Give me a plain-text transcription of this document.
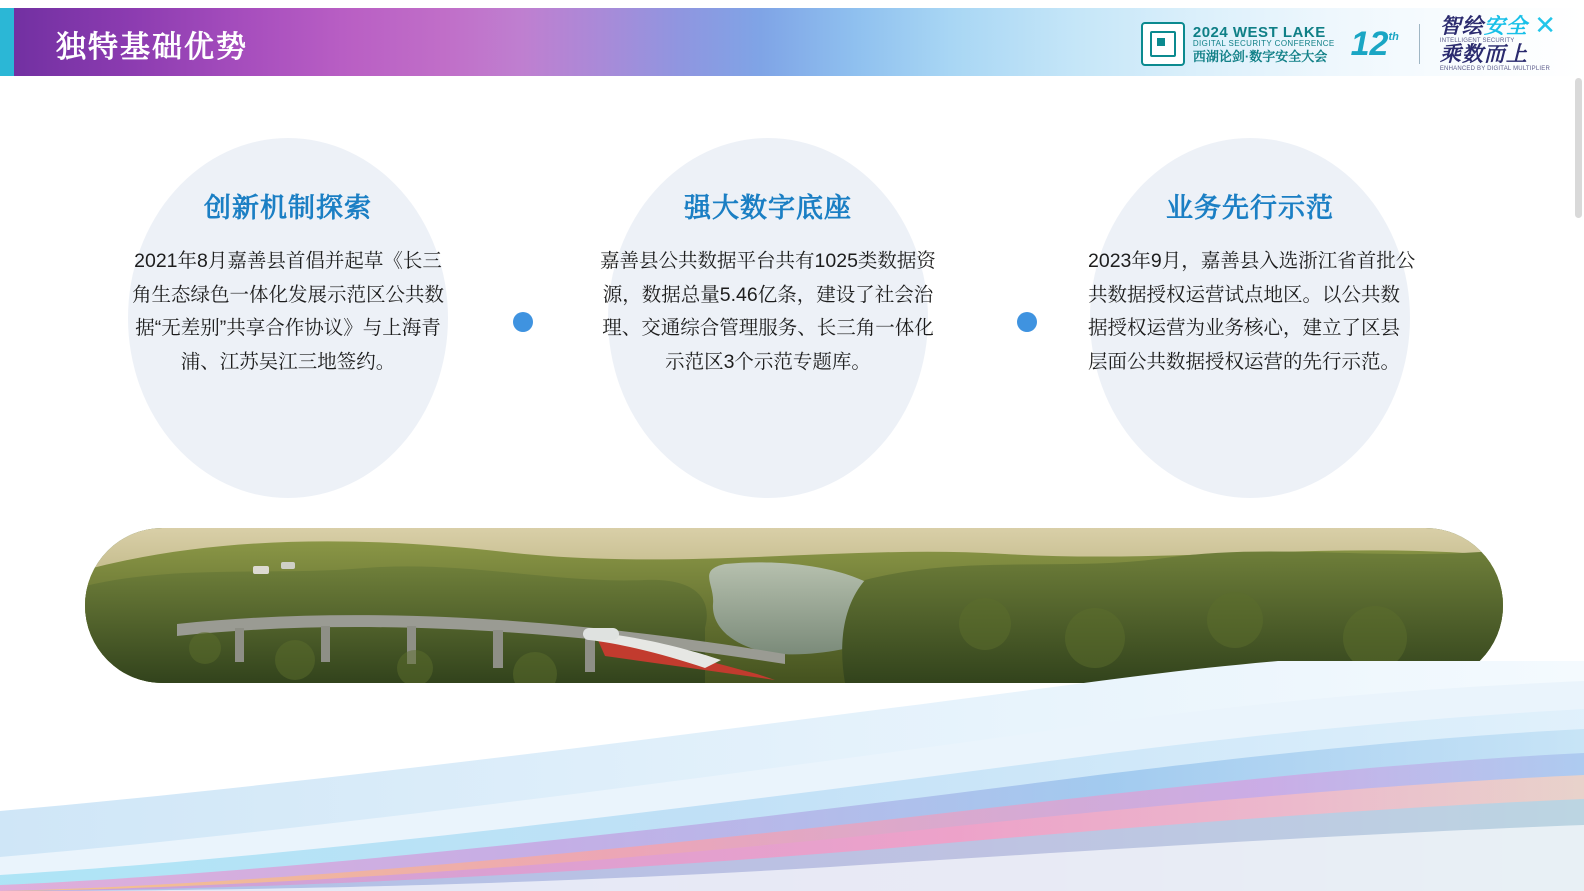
独特基础优势	2024 WEST LAKE
DIGITAL SECURITY CONFERENCE
西湖论剑·数字安全大会 12 th 智绘安全
INTELLIGENT SECURITY
乘数而上
ENHANCED BY DIGITAL MULTIPLIER
✕
创新机制探索
2021年8月嘉善县首倡并起草《长三角生态绿色一体化发展示范区公共数据“无差别”共享合作协议》与上海青浦、江苏吴江三地签约。
强大数字底座
嘉善县公共数据平台共有1025类数据资源，数据总量5.46亿条，建设了社会治理、交通综合管理服务、长三角一体化示范区3个示范专题库。
业务先行示范
2023年9月，嘉善县入选浙江省首批公共数据授权运营试点地区。以公共数据授权运营为业务核心，建立了区县层面公共数据授权运营的先行示范。
